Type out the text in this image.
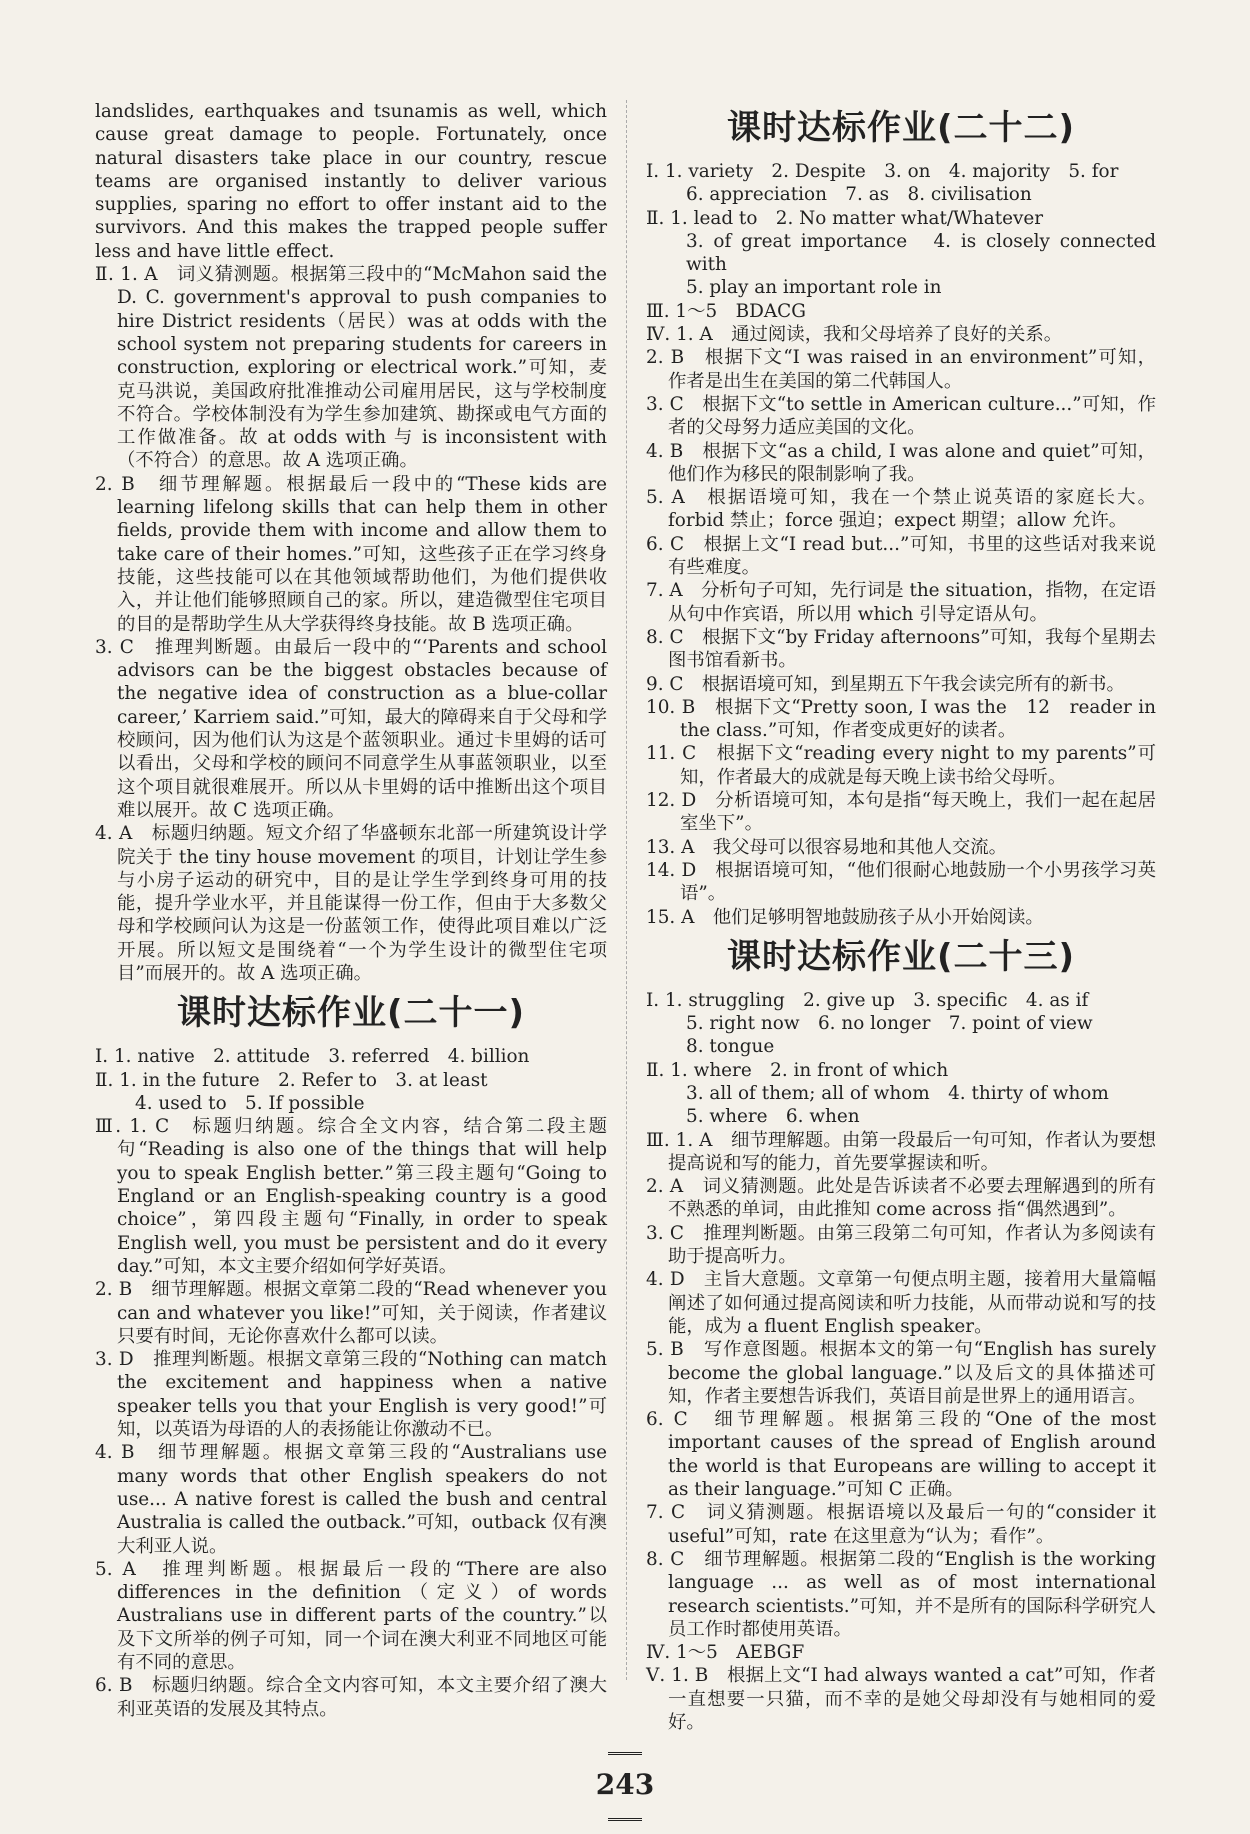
landslides, earthquakes and tsunamis as well, which cause great damage to people. Fortunately, once natural disasters take place in our country, rescue teams are organised instantly to deliver various supplies, sparing no effort to offer instant aid to the survivors. And this makes the trapped people suffer less and have little effect.

Ⅱ. 1. A　词义猜测题。根据第三段中的“McMahon said the D. C. government's approval to push companies to hire District residents（居民）was at odds with the school system not preparing students for careers in construction, exploring or electrical work.”可知，麦克马洪说，美国政府批准推动公司雇用居民，这与学校制度不符合。学校体制没有为学生参加建筑、勘探或电气方面的工作做准备。故 at odds with 与 is inconsistent with（不符合）的意思。故 A 选项正确。

2. B　细节理解题。根据最后一段中的“These kids are learning lifelong skills that can help them in other fields, provide them with income and allow them to take care of their homes.”可知，这些孩子正在学习终身技能，这些技能可以在其他领域帮助他们，为他们提供收入，并让他们能够照顾自己的家。所以，建造微型住宅项目的目的是帮助学生从大学获得终身技能。故 B 选项正确。

3. C　推理判断题。由最后一段中的“‘Parents and school advisors can be the biggest obstacles because of the negative idea of construction as a blue-collar career,’ Karriem said.”可知，最大的障碍来自于父母和学校顾问，因为他们认为这是个蓝领职业。通过卡里姆的话可以看出，父母和学校的顾问不同意学生从事蓝领职业，以至这个项目就很难展开。所以从卡里姆的话中推断出这个项目难以展开。故 C 选项正确。

4. A　标题归纳题。短文介绍了华盛顿东北部一所建筑设计学院关于 the tiny house movement 的项目，计划让学生参与小房子运动的研究中，目的是让学生学到终身可用的技能，提升学业水平，并且能谋得一份工作，但由于大多数父母和学校顾问认为这是一份蓝领工作，使得此项目难以广泛开展。所以短文是围绕着“一个为学生设计的微型住宅项目”而展开的。故 A 选项正确。

课时达标作业(二十一)

Ⅰ. 1. native　2. attitude　3. referred　4. billion

Ⅱ. 1. in the future　2. Refer to　3. at least

4. used to　5. If possible

Ⅲ. 1. C　标题归纳题。综合全文内容，结合第二段主题句“Reading is also one of the things that will help you to speak English better.”第三段主题句“Going to England or an English-speaking country is a good choice”，第四段主题句“Finally, in order to speak English well, you must be persistent and do it every day.”可知，本文主要介绍如何学好英语。

2. B　细节理解题。根据文章第二段的“Read whenever you can and whatever you like!”可知，关于阅读，作者建议只要有时间，无论你喜欢什么都可以读。

3. D　推理判断题。根据文章第三段的“Nothing can match the excitement and happiness when a native speaker tells you that your English is very good!”可知，以英语为母语的人的表扬能让你激动不已。

4. B　细节理解题。根据文章第三段的“Australians use many words that other English speakers do not use... A native forest is called the bush and central Australia is called the outback.”可知，outback 仅有澳大利亚人说。

5. A　推理判断题。根据最后一段的“There are also differences in the definition（定义）of words Australians use in different parts of the country.”以及下文所举的例子可知，同一个词在澳大利亚不同地区可能有不同的意思。

6. B　标题归纳题。综合全文内容可知，本文主要介绍了澳大利亚英语的发展及其特点。

课时达标作业(二十二)

Ⅰ. 1. variety　2. Despite　3. on　4. majority　5. for

6. appreciation　7. as　8. civilisation

Ⅱ. 1. lead to　2. No matter what/Whatever

3. of great importance　4. is closely connected with

5. play an important role in

Ⅲ. 1～5　BDACG

Ⅳ. 1. A　通过阅读，我和父母培养了良好的关系。

2. B　根据下文“I was raised in an environment”可知，作者是出生在美国的第二代韩国人。

3. C　根据下文“to settle in American culture...”可知，作者的父母努力适应美国的文化。

4. B　根据下文“as a child, I was alone and quiet”可知，他们作为移民的限制影响了我。

5. A　根据语境可知，我在一个禁止说英语的家庭长大。forbid 禁止；force 强迫；expect 期望；allow 允许。

6. C　根据上文“I read but...”可知，书里的这些话对我来说有些难度。

7. A　分析句子可知，先行词是 the situation，指物，在定语从句中作宾语，所以用 which 引导定语从句。

8. C　根据下文“by Friday afternoons”可知，我每个星期去图书馆看新书。

9. C　根据语境可知，到星期五下午我会读完所有的新书。

10. B　根据下文“Pretty soon, I was the　12　reader in the class.”可知，作者变成更好的读者。

11. C　根据下文“reading every night to my parents”可知，作者最大的成就是每天晚上读书给父母听。

12. D　分析语境可知，本句是指“每天晚上，我们一起在起居室坐下”。

13. A　我父母可以很容易地和其他人交流。

14. D　根据语境可知，“他们很耐心地鼓励一个小男孩学习英语”。

15. A　他们足够明智地鼓励孩子从小开始阅读。

课时达标作业(二十三)

Ⅰ. 1. struggling　2. give up　3. specific　4. as if

5. right now　6. no longer　7. point of view

8. tongue

Ⅱ. 1. where　2. in front of which

3. all of them; all of whom　4. thirty of whom

5. where　6. when

Ⅲ. 1. A　细节理解题。由第一段最后一句可知，作者认为要想提高说和写的能力，首先要掌握读和听。

2. A　词义猜测题。此处是告诉读者不必要去理解遇到的所有不熟悉的单词，由此推知 come across 指“偶然遇到”。

3. C　推理判断题。由第三段第二句可知，作者认为多阅读有助于提高听力。

4. D　主旨大意题。文章第一句便点明主题，接着用大量篇幅阐述了如何通过提高阅读和听力技能，从而带动说和写的技能，成为 a fluent English speaker。

5. B　写作意图题。根据本文的第一句“English has surely become the global language.”以及后文的具体描述可知，作者主要想告诉我们，英语目前是世界上的通用语言。

6. C　细节理解题。根据第三段的“One of the most important causes of the spread of English around the world is that Europeans are willing to accept it as their language.”可知 C 正确。

7. C　词义猜测题。根据语境以及最后一句的“consider it useful”可知，rate 在这里意为“认为；看作”。

8. C　细节理解题。根据第二段的“English is the working language ... as well as of most international research scientists.”可知，并不是所有的国际科学研究人员工作时都使用英语。

Ⅳ. 1～5　AEBGF

Ⅴ. 1. B　根据上文“I had always wanted a cat”可知，作者一直想要一只猫，而不幸的是她父母却没有与她相同的爱好。

243
